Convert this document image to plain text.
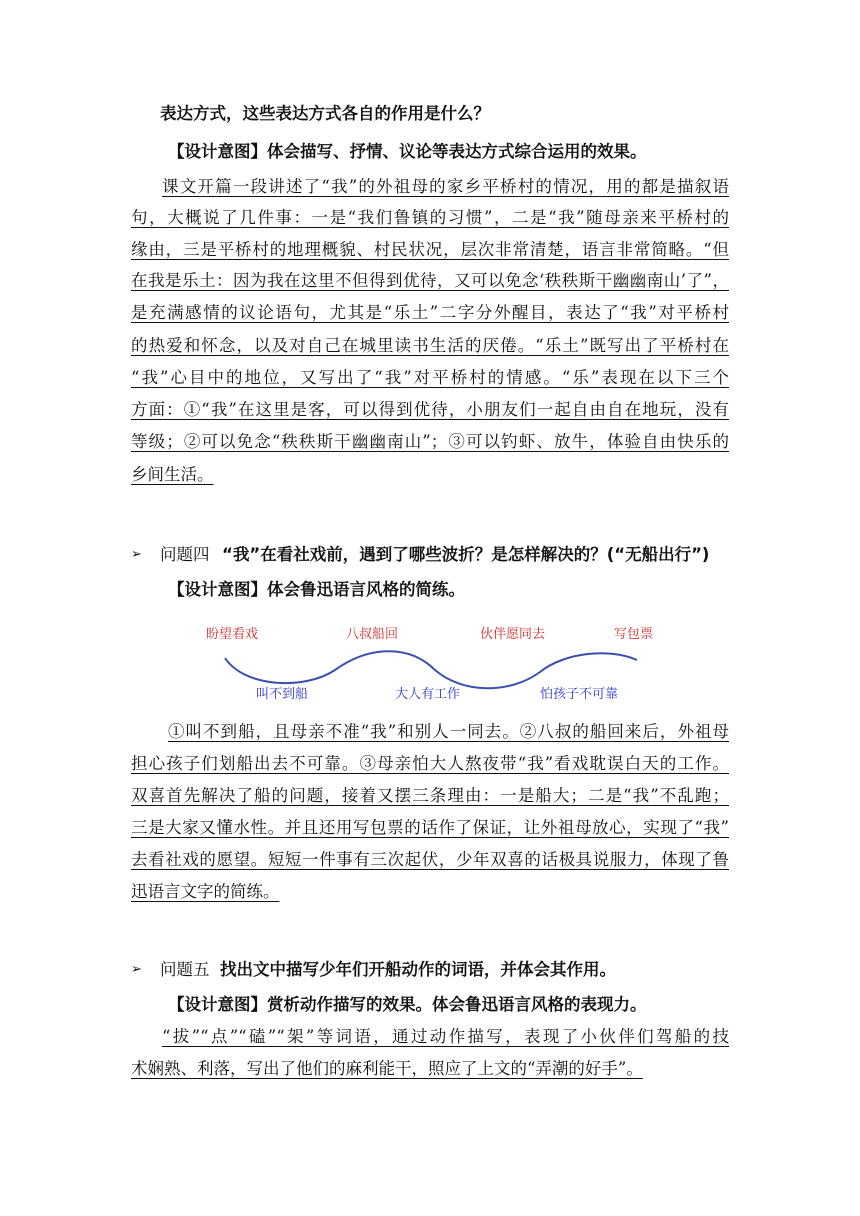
表达方式，这些表达方式各自的作用是什么？
【设计意图】体会描写、抒情、议论等表达方式综合运用的效果。
课文开篇一段讲述了“我”的外祖母的家乡平桥村的情况，用的都是描叙语
句，大概说了几件事：一是“我们鲁镇的习惯”，二是“我”随母亲来平桥村的
缘由，三是平桥村的地理概貌、村民状况，层次非常清楚，语言非常简略。“但
在我是乐土：因为我在这里不但得到优待，又可以免念‘秩秩斯干幽幽南山’了”，
是充满感情的议论语句，尤其是“乐土”二字分外醒目，表达了“我”对平桥村
的热爱和怀念，以及对自己在城里读书生活的厌倦。“乐土”既写出了平桥村在
“我”心目中的地位，又写出了“我”对平桥村的情感。“乐”表现在以下三个
方面：①“我”在这里是客，可以得到优待，小朋友们一起自由自在地玩，没有
等级；②可以免念“秩秩斯干幽幽南山”；③可以钓虾、放牛，体验自由快乐的
乡间生活。
➢ 问题四 “我”在看社戏前，遇到了哪些波折？是怎样解决的？(“无船出行”)
【设计意图】体会鲁迅语言风格的简练。
盼望看戏	八叔船回	伙伴愿同去	写包票
叫不到船	大人有工作	怕孩子不可靠
①叫不到船，且母亲不准“我”和别人一同去。②八叔的船回来后，外祖母
担心孩子们划船出去不可靠。③母亲怕大人熬夜带“我”看戏耽误白天的工作。
双喜首先解决了船的问题，接着又摆三条理由：一是船大；二是“我”不乱跑；
三是大家又懂水性。并且还用写包票的话作了保证，让外祖母放心，实现了“我”
去看社戏的愿望。短短一件事有三次起伏，少年双喜的话极具说服力，体现了鲁
迅语言文字的简练。
➢ 问题五 找出文中描写少年们开船动作的词语，并体会其作用。
【设计意图】赏析动作描写的效果。体会鲁迅语言风格的表现力。
“拔”“点”“磕”“架”等词语，通过动作描写，表现了小伙伴们驾船的技
术娴熟、利落，写出了他们的麻利能干，照应了上文的“弄潮的好手”。
